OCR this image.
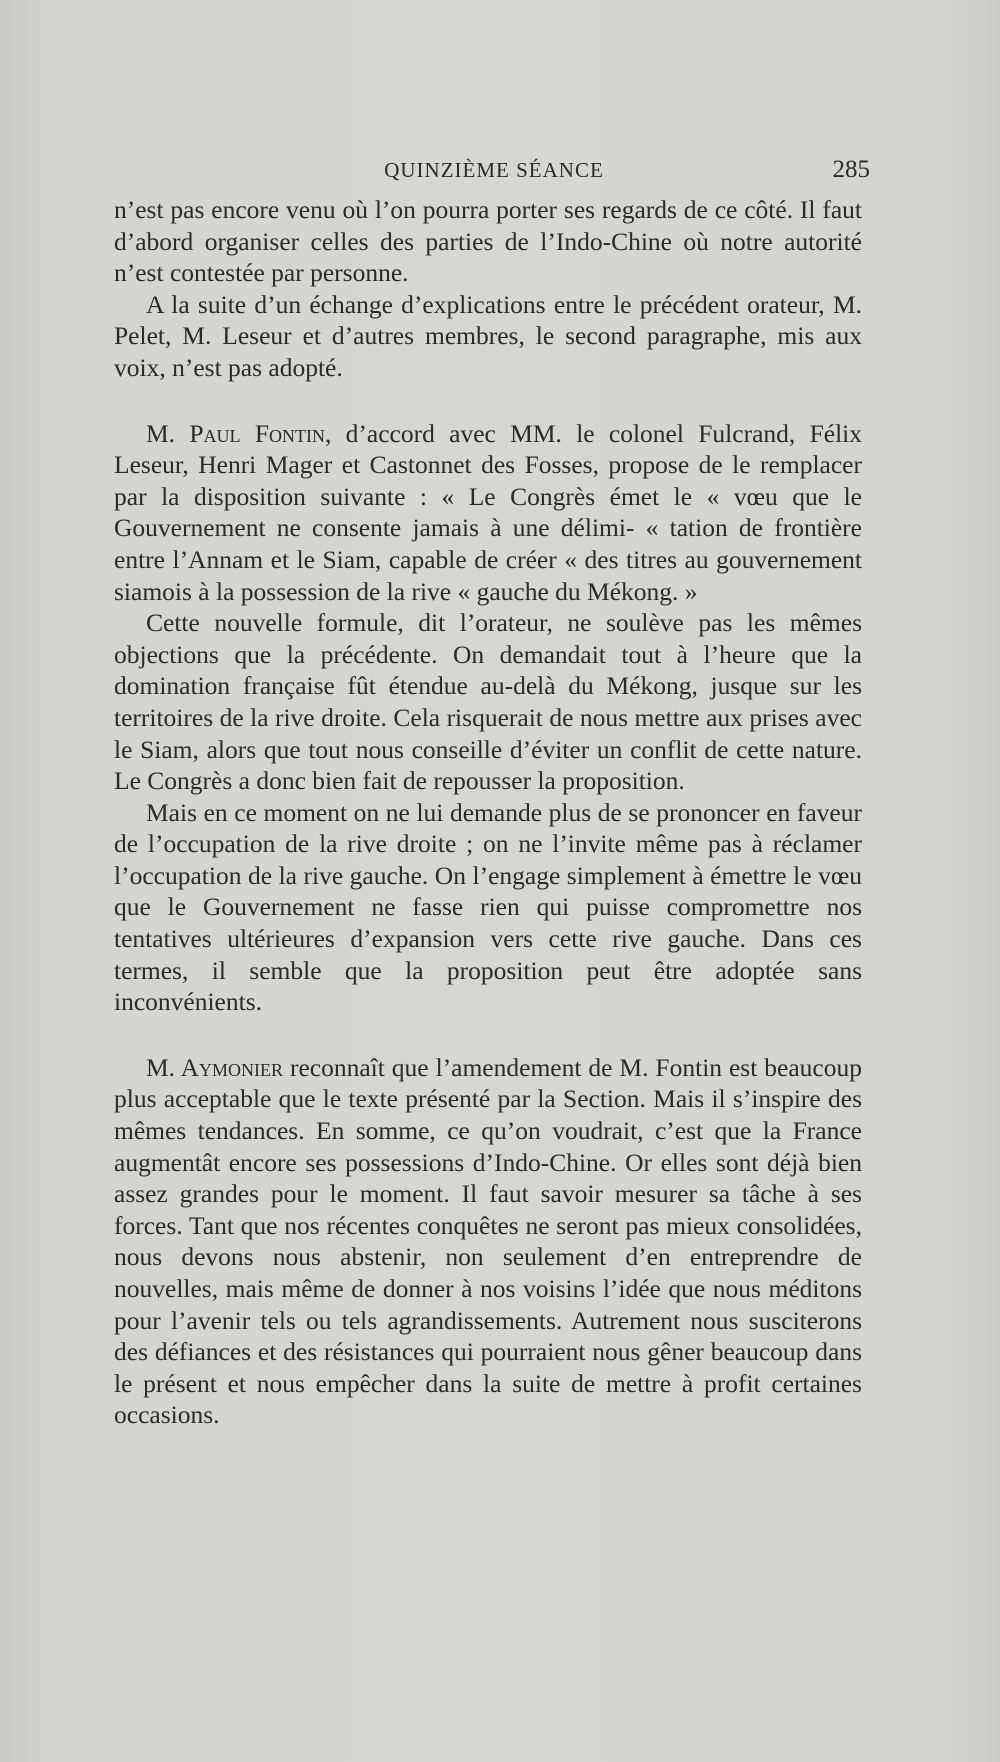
QUINZIÈME SÉANCE	285

n’est pas encore venu où l’on pourra porter ses regards de ce côté. Il faut d’abord organiser celles des parties de l’Indo-Chine où notre autorité n’est contestée par personne.

A la suite d’un échange d’explications entre le précédent orateur, M. Pelet, M. Leseur et d’autres membres, le second paragraphe, mis aux voix, n’est pas adopté.

M. Paul Fontin, d’accord avec MM. le colonel Fulcrand, Félix Leseur, Henri Mager et Castonnet des Fosses, propose de le remplacer par la disposition suivante : « Le Congrès émet le « vœu que le Gouvernement ne consente jamais à une délimi- « tation de frontière entre l’Annam et le Siam, capable de créer « des titres au gouvernement siamois à la possession de la rive « gauche du Mékong. »

Cette nouvelle formule, dit l’orateur, ne soulève pas les mêmes objections que la précédente. On demandait tout à l’heure que la domination française fût étendue au-delà du Mékong, jusque sur les territoires de la rive droite. Cela risquerait de nous mettre aux prises avec le Siam, alors que tout nous conseille d’éviter un conflit de cette nature. Le Congrès a donc bien fait de repousser la proposition.

Mais en ce moment on ne lui demande plus de se prononcer en faveur de l’occupation de la rive droite ; on ne l’invite même pas à réclamer l’occupation de la rive gauche. On l’engage simplement à émettre le vœu que le Gouvernement ne fasse rien qui puisse compromettre nos tentatives ultérieures d’expansion vers cette rive gauche. Dans ces termes, il semble que la proposition peut être adoptée sans inconvénients.

M. Aymonier reconnaît que l’amendement de M. Fontin est beaucoup plus acceptable que le texte présenté par la Section. Mais il s’inspire des mêmes tendances. En somme, ce qu’on voudrait, c’est que la France augmentât encore ses possessions d’Indo-Chine. Or elles sont déjà bien assez grandes pour le moment. Il faut savoir mesurer sa tâche à ses forces. Tant que nos récentes conquêtes ne seront pas mieux consolidées, nous devons nous abstenir, non seulement d’en entreprendre de nouvelles, mais même de donner à nos voisins l’idée que nous méditons pour l’avenir tels ou tels agrandissements. Autrement nous susciterons des défiances et des résistances qui pourraient nous gêner beaucoup dans le présent et nous empêcher dans la suite de mettre à profit certaines occasions.
